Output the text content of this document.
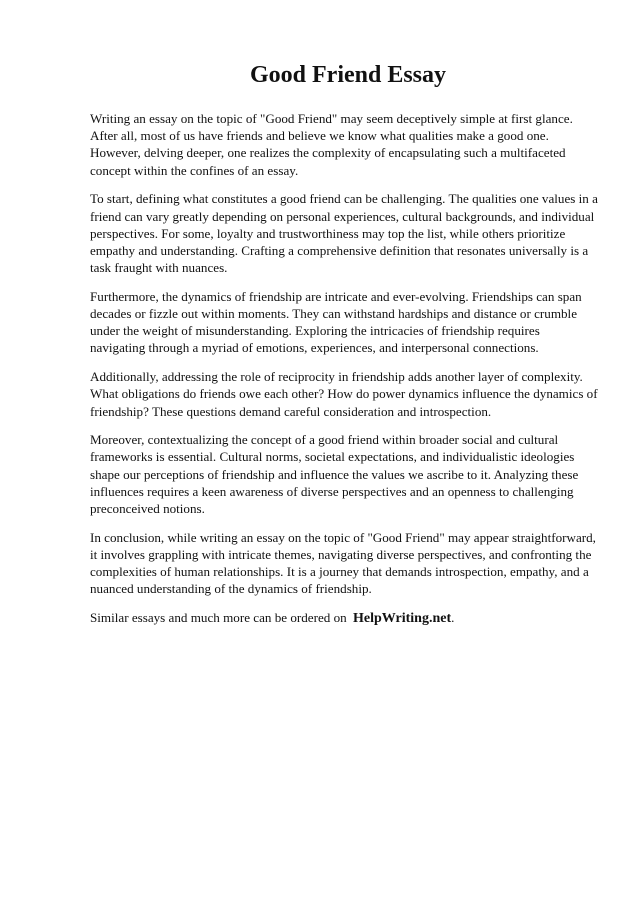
Good Friend Essay

Writing an essay on the topic of "Good Friend" may seem deceptively simple at first glance. After all, most of us have friends and believe we know what qualities make a good one. However, delving deeper, one realizes the complexity of encapsulating such a multifaceted concept within the confines of an essay.

To start, defining what constitutes a good friend can be challenging. The qualities one values in a friend can vary greatly depending on personal experiences, cultural backgrounds, and individual perspectives. For some, loyalty and trustworthiness may top the list, while others prioritize empathy and understanding. Crafting a comprehensive definition that resonates universally is a task fraught with nuances.

Furthermore, the dynamics of friendship are intricate and ever-evolving. Friendships can span decades or fizzle out within moments. They can withstand hardships and distance or crumble under the weight of misunderstanding. Exploring the intricacies of friendship requires navigating through a myriad of emotions, experiences, and interpersonal connections.

Additionally, addressing the role of reciprocity in friendship adds another layer of complexity. What obligations do friends owe each other? How do power dynamics influence the dynamics of friendship? These questions demand careful consideration and introspection.

Moreover, contextualizing the concept of a good friend within broader social and cultural frameworks is essential. Cultural norms, societal expectations, and individualistic ideologies shape our perceptions of friendship and influence the values we ascribe to it. Analyzing these influences requires a keen awareness of diverse perspectives and an openness to challenging preconceived notions.

In conclusion, while writing an essay on the topic of "Good Friend" may appear straightforward, it involves grappling with intricate themes, navigating diverse perspectives, and confronting the complexities of human relationships. It is a journey that demands introspection, empathy, and a nuanced understanding of the dynamics of friendship.

Similar essays and much more can be ordered on HelpWriting.net.
